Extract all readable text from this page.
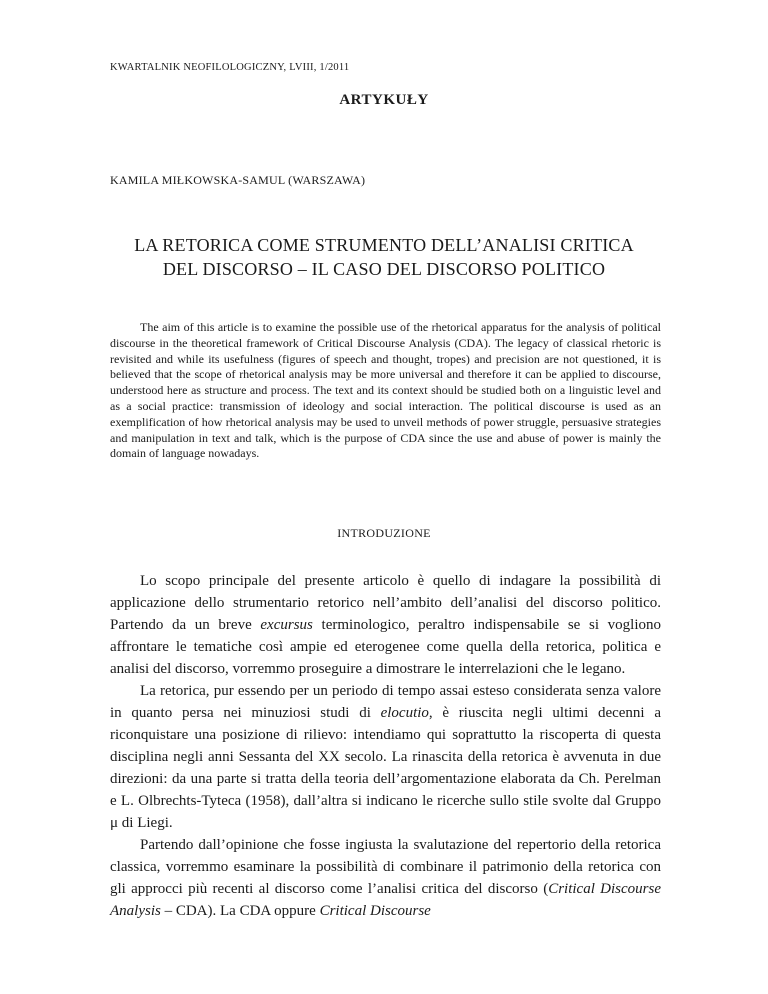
KWARTALNIK NEOFILOLOGICZNY, LVIII, 1/2011
ARTYKUŁY
KAMILA MIŁKOWSKA-SAMUL (WARSZAWA)
LA RETORICA COME STRUMENTO DELL’ANALISI CRITICA
DEL DISCORSO – IL CASO DEL DISCORSO POLITICO

The aim of this article is to examine the possible use of the rhetorical apparatus for the analysis of political discourse in the theoretical framework of Critical Discourse Analysis (CDA). The legacy of classical rhetoric is revisited and while its usefulness (figures of speech and thought, tropes) and precision are not questioned, it is believed that the scope of rhetorical analysis may be more universal and therefore it can be applied to discourse, understood here as structure and process. The text and its context should be studied both on a linguistic level and as a social practice: transmission of ideology and social interaction. The political discourse is used as an exemplification of how rhetorical analysis may be used to unveil methods of power struggle, persuasive strategies and manipulation in text and talk, which is the purpose of CDA since the use and abuse of power is mainly the domain of language nowadays.

INTRODUZIONE

Lo scopo principale del presente articolo è quello di indagare la possibilità di applicazione dello strumentario retorico nell’ambito dell’analisi del discorso politico. Partendo da un breve excursus terminologico, peraltro indispensabile se si vogliono affrontare le tematiche così ampie ed eterogenee come quella della retorica, politica e analisi del discorso, vorremmo proseguire a dimostrare le interrelazioni che le legano.

La retorica, pur essendo per un periodo di tempo assai esteso considerata senza valore in quanto persa nei minuziosi studi di elocutio, è riuscita negli ultimi decenni a riconquistare una posizione di rilievo: intendiamo qui soprattutto la riscoperta di questa disciplina negli anni Sessanta del XX secolo. La rinascita della retorica è avvenuta in due direzioni: da una parte si tratta della teoria dell’argomentazione elaborata da Ch. Perelman e L. Olbrechts-Tyteca (1958), dall’altra si indicano le ricerche sullo stile svolte dal Gruppo μ di Liegi.

Partendo dall’opinione che fosse ingiusta la svalutazione del repertorio della retorica classica, vorremmo esaminare la possibilità di combinare il patrimonio della retorica con gli approcci più recenti al discorso come l’analisi critica del discorso (Critical Discourse Analysis – CDA). La CDA oppure Critical Discourse
